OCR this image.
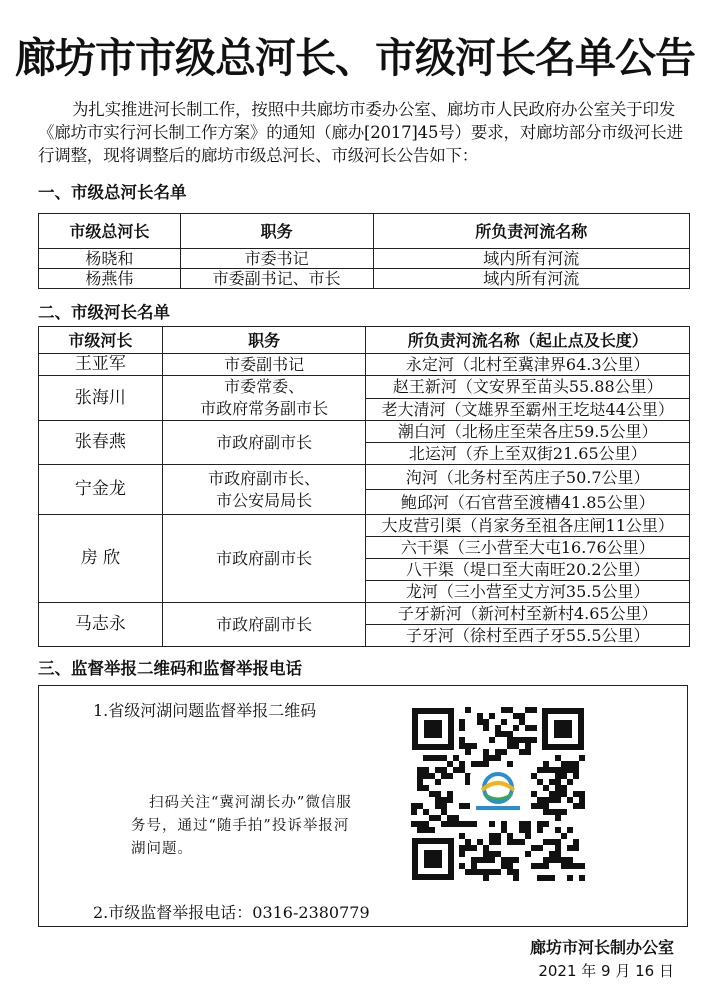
廊坊市市级总河长、市级河长名单公告
为扎实推进河长制工作，按照中共廊坊市委办公室、廊坊市人民政府办公室关于印发《廊坊市实行河长制工作方案》的通知（廊办[2017]45号）要求，对廊坊部分市级河长进行调整，现将调整后的廊坊市级总河长、市级河长公告如下：
一、市级总河长名单
市级总河长	职务	所负责河流名称
杨晓和	市委书记	域内所有河流
杨燕伟	市委副书记、市长	域内所有河流
二、市级河长名单
市级河长	职务	所负责河流名称（起止点及长度）
王亚军	市委副书记	永定河（北村至冀津界64.3公里）
张海川	市委常委、
市政府常务副市长	赵王新河（文安界至苗头55.88公里）
		老大清河（文雄界至霸州王圪垯44公里）
张春燕	市政府副市长	潮白河（北杨庄至荣各庄59.5公里）
		北运河（乔上至双街21.65公里）
宁金龙	市政府副市长、
市公安局局长	泃河（北务村至芮庄子50.7公里）
		鲍邱河（石官营至渡槽41.85公里）
房 欣	市政府副市长	大皮营引渠（肖家务至祖各庄闸11公里）
		六干渠（三小营至大屯16.76公里）
		八干渠（堤口至大南旺20.2公里）
		龙河（三小营至丈方河35.5公里）
马志永	市政府副市长	子牙新河（新河村至新村4.65公里）
		子牙河（徐村至西子牙55.5公里）
三、监督举报二维码和监督举报电话
1.省级河湖问题监督举报二维码
扫码关注“冀河湖长办”微信服务号，通过“随手拍”投诉举报河湖问题。
2.市级监督举报电话：0316-2380779
廊坊市河长制办公室
2021 年 9 月 16 日
